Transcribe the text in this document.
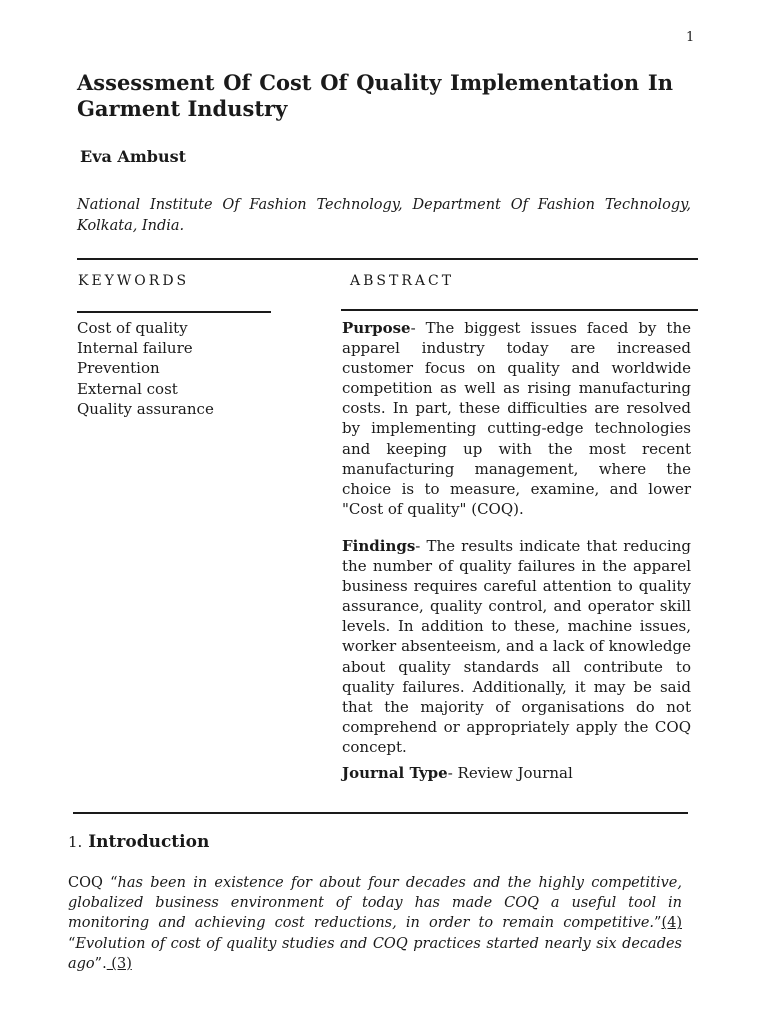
1
Assessment Of Cost Of Quality Implementation In Garment Industry
Eva Ambust
National Institute Of Fashion Technology, Department Of Fashion Technology, Kolkata, India.
KEYWORDS	ABSTRACT
Cost of quality
Internal failure
Prevention
External cost
Quality assurance

Purpose- The biggest issues faced by the apparel industry today are increased customer focus on quality and worldwide competition as well as rising manufacturing costs. In part, these difficulties are resolved by implementing cutting-edge technologies and keeping up with the most recent manufacturing management, where the choice is to measure, examine, and lower "Cost of quality" (COQ).

Findings- The results indicate that reducing the number of quality failures in the apparel business requires careful attention to quality assurance, quality control, and operator skill levels. In addition to these, machine issues, worker absenteeism, and a lack of knowledge about quality standards all contribute to quality failures. Additionally, it may be said that the majority of organisations do not comprehend or appropriately apply the COQ concept.

Journal Type- Review Journal

1. Introduction

COQ “has been in existence for about four decades and the highly competitive, globalized business environment of today has made COQ a useful tool in monitoring and achieving cost reductions, in order to remain competitive.”(4) “Evolution of cost of quality studies and COQ practices started nearly six decades ago”. (3)
